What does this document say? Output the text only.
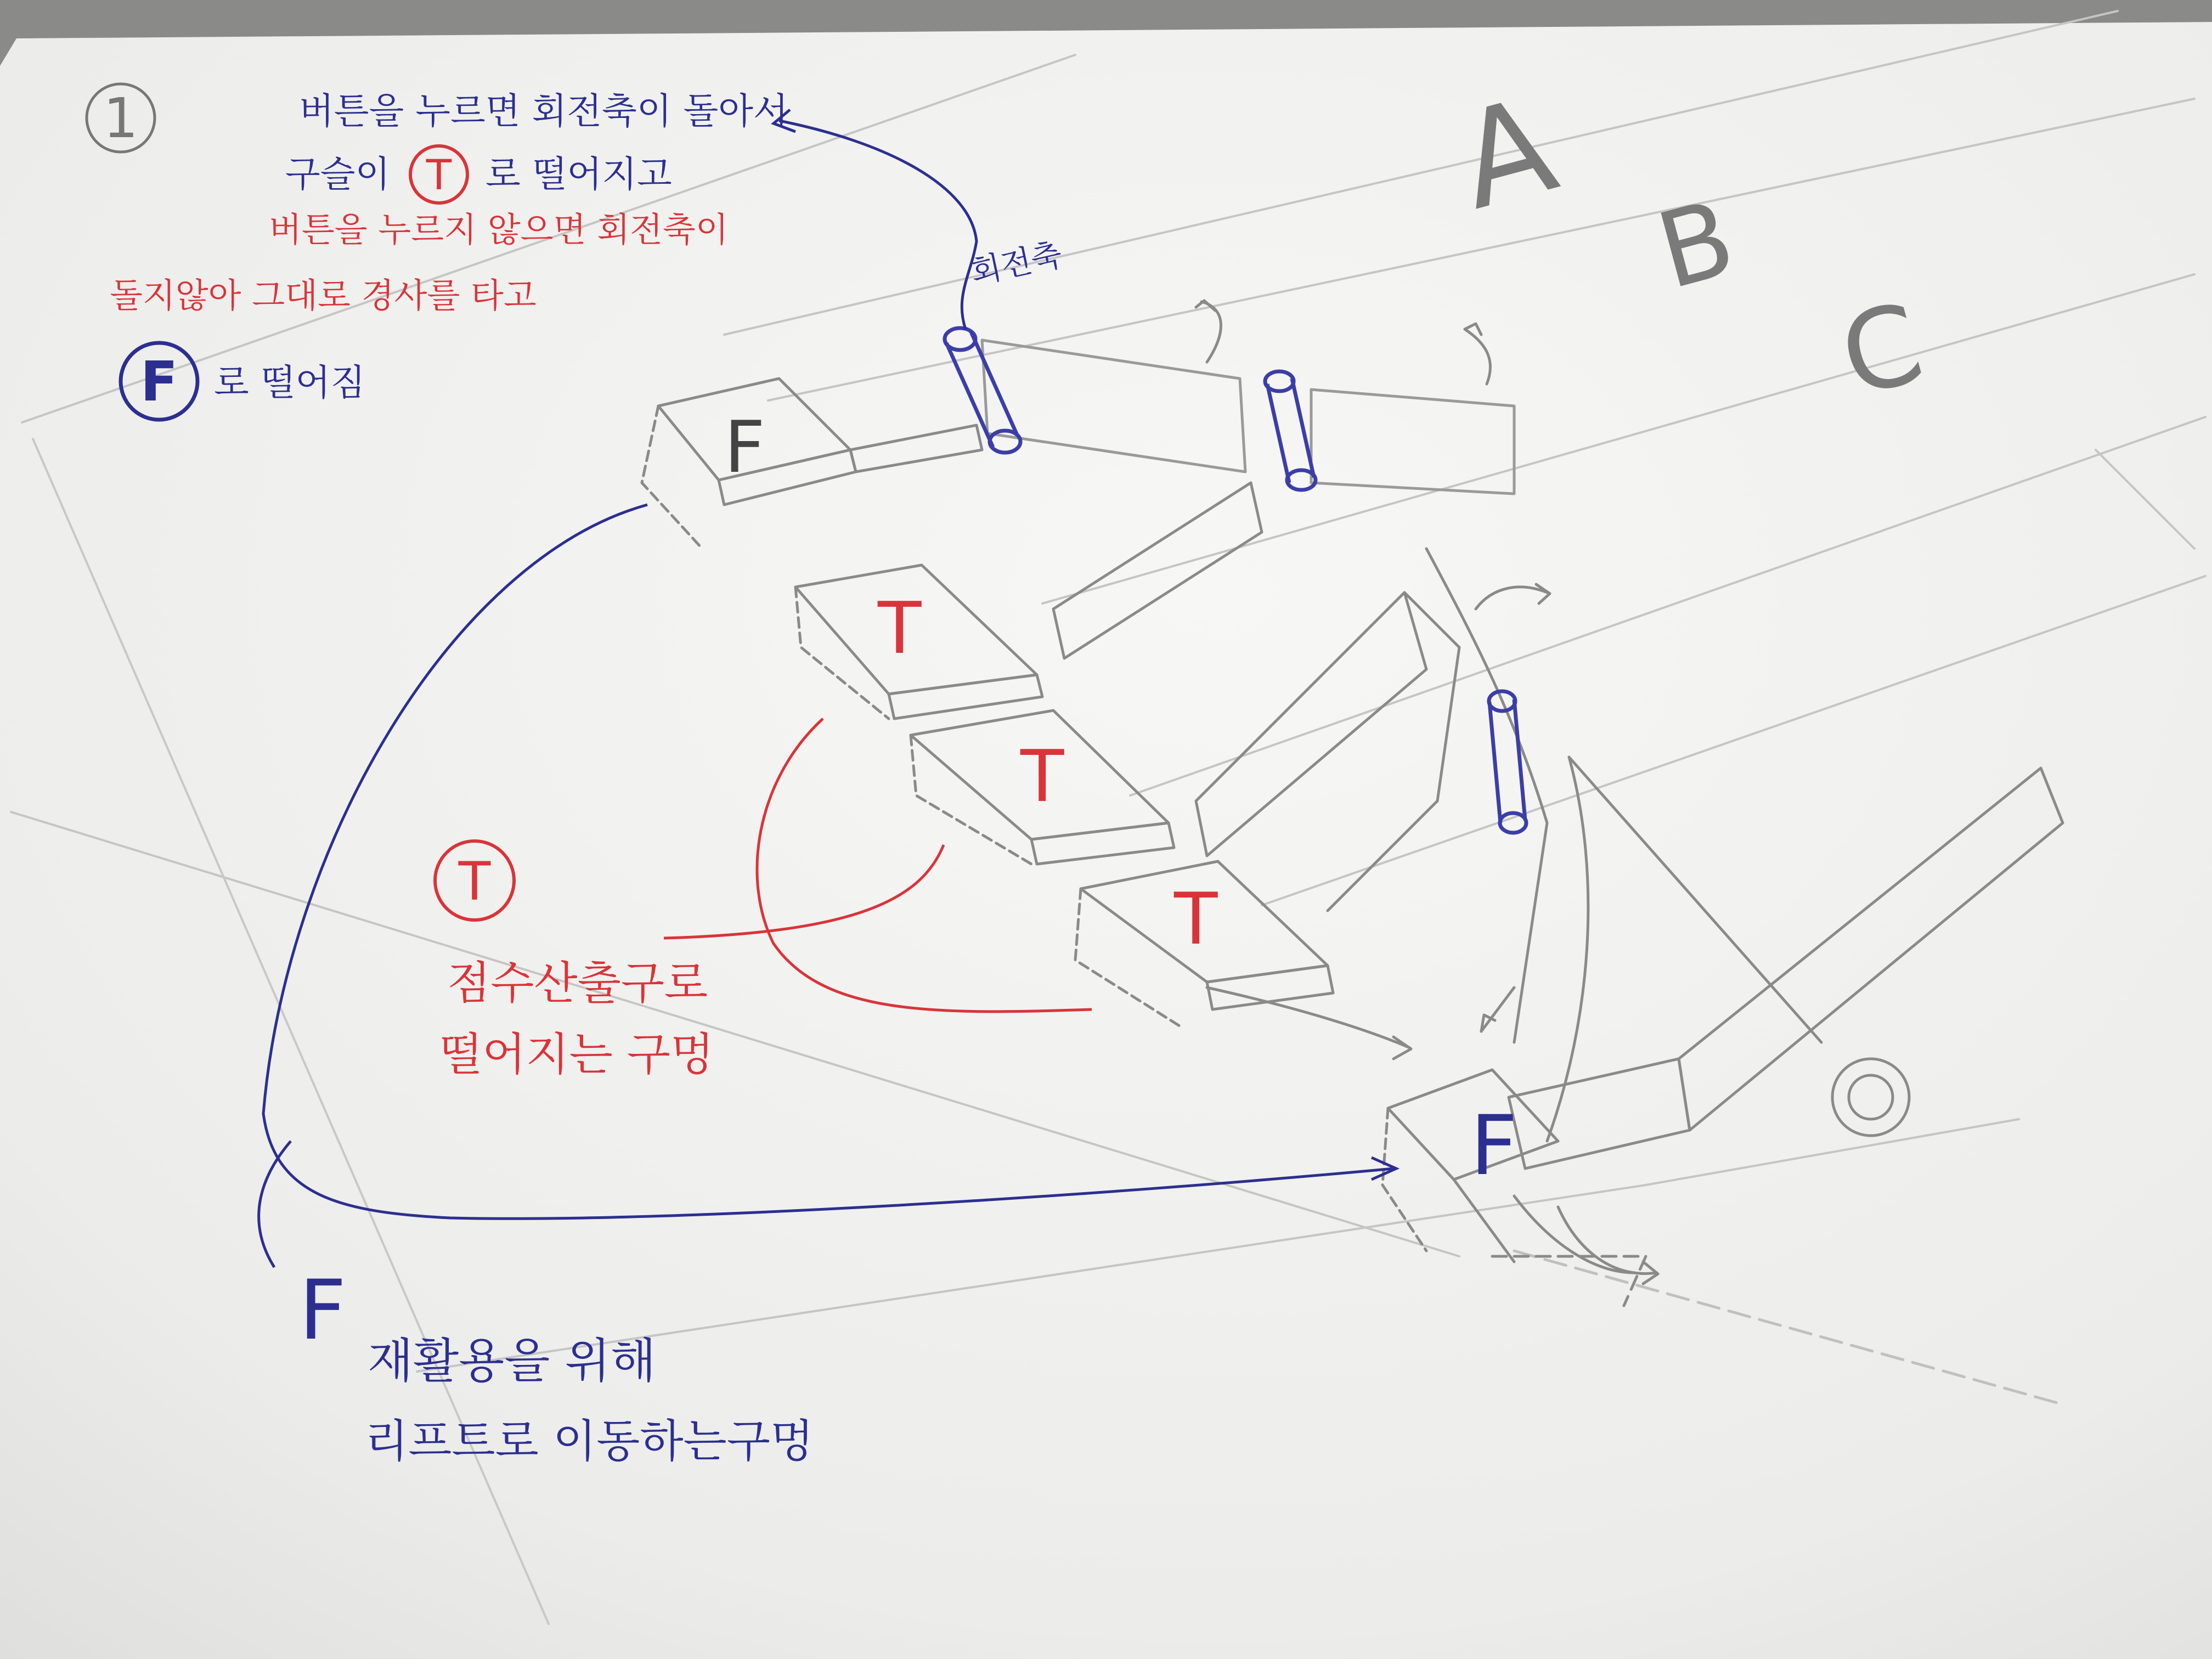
1	A
B
C
F
T
T
T
F
회전축
버튼을 누르면 회전축이 돌아서
구슬이 T 로 떨어지고
버튼을 누르지 않으면 회전축이
돌지않아 그대로 경사를 타고
F 로 떨어짐
T
점수산출구로
떨어지는 구멍
F
재활용을 위해
리프트로 이동하는구멍
